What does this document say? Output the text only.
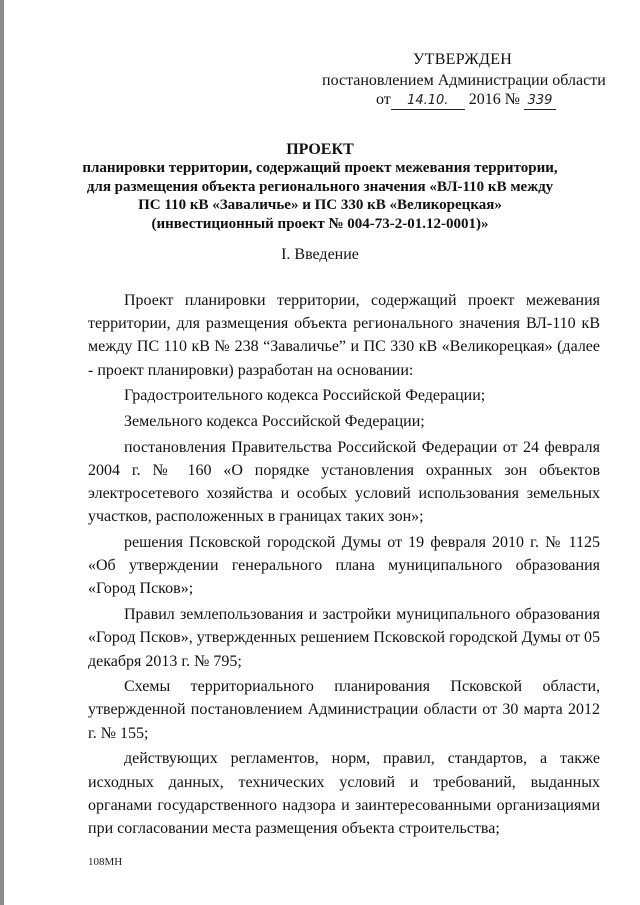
УТВЕРЖДЕН
постановлением Администрации области
от 14.10. 2016 № 339
ПРОЕКТ
планировки территории, содержащий проект межевания территории,
для размещения объекта регионального значения «ВЛ-110 кВ между
ПС 110 кВ «Заваличье» и ПС 330 кВ «Великорецкая»
(инвестиционный проект № 004-73-2-01.12-0001)»
I. Введение

Проект планировки территории, содержащий проект межевания территории, для размещения объекта регионального значения ВЛ-110 кВ между ПС 110 кВ № 238 “Заваличье” и ПС 330 кВ «Великорецкая» (далее - проект планировки) разработан на основании:

Градостроительного кодекса Российской Федерации;

Земельного кодекса Российской Федерации;

постановления Правительства Российской Федерации от 24 февраля 2004 г. № 160 «О порядке установления охранных зон объектов электросетевого хозяйства и особых условий использования земельных участков, расположенных в границах таких зон»;

решения Псковской городской Думы от 19 февраля 2010 г. № 1125 «Об утверждении генерального плана муниципального образования «Город Псков»;

Правил землепользования и застройки муниципального образования «Город Псков», утвержденных решением Псковской городской Думы от 05 декабря 2013 г. № 795;

Схемы территориального планирования Псковской области, утвержденной постановлением Администрации области от 30 марта 2012 г. № 155;

действующих регламентов, норм, правил, стандартов, а также исходных данных, технических условий и требований, выданных органами государственного надзора и заинтересованными организациями при согласовании места размещения объекта строительства;

108МН
